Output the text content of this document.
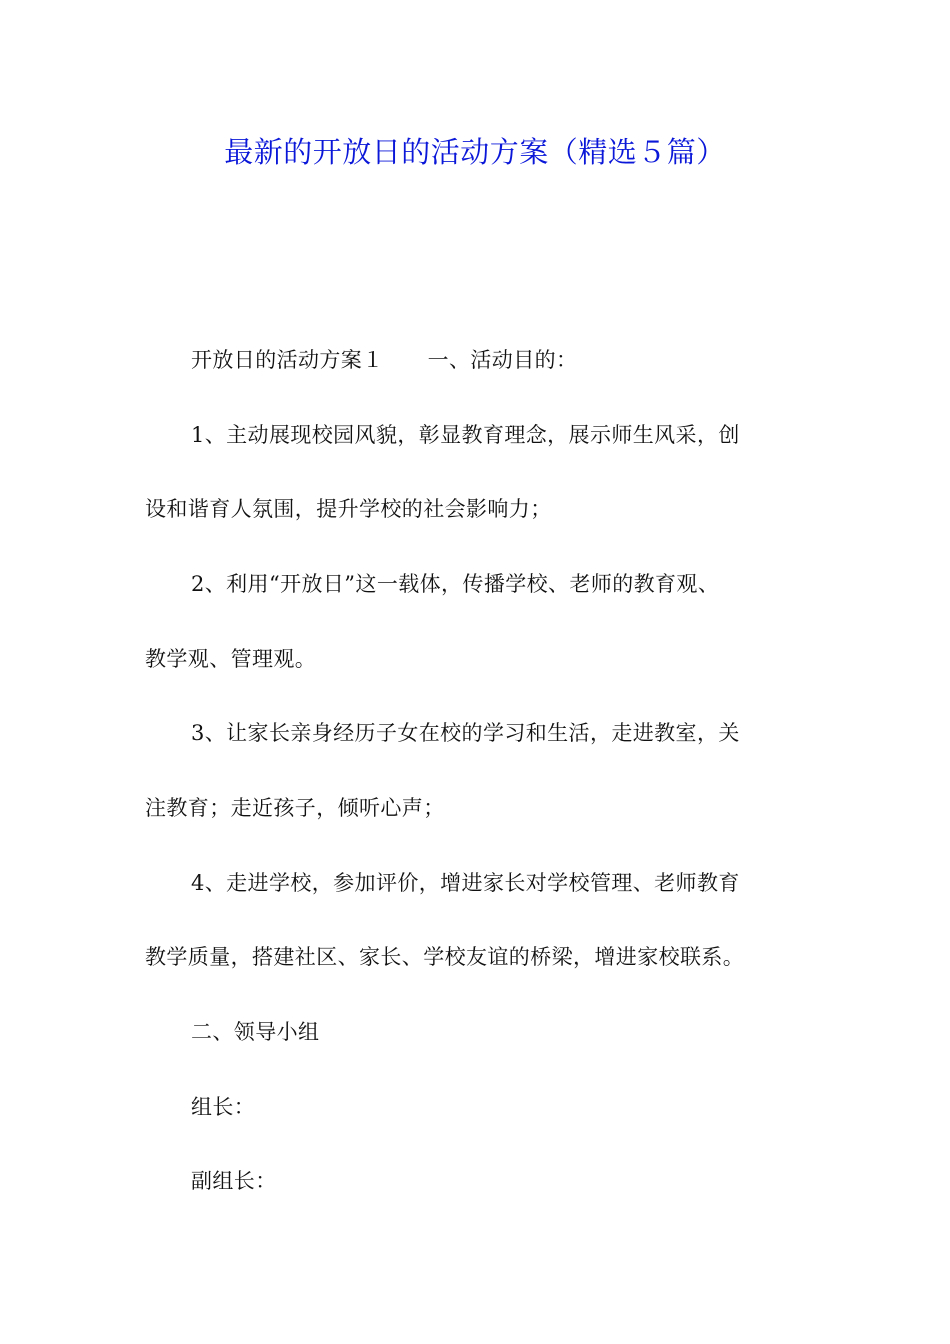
最新的开放日的活动方案（精选５篇）
开放日的活动方案１ 一、活动目的：
1、主动展现校园风貌，彰显教育理念，展示师生风采，创
设和谐育人氛围，提升学校的社会影响力；
2、利用“开放日”这一载体，传播学校、老师的教育观、
教学观、管理观。
3、让家长亲身经历子女在校的学习和生活，走进教室，关
注教育；走近孩子，倾听心声；
4、走进学校，参加评价，增进家长对学校管理、老师教育
教学质量，搭建社区、家长、学校友谊的桥梁，增进家校联系。
二、领导小组
组长：
副组长：
